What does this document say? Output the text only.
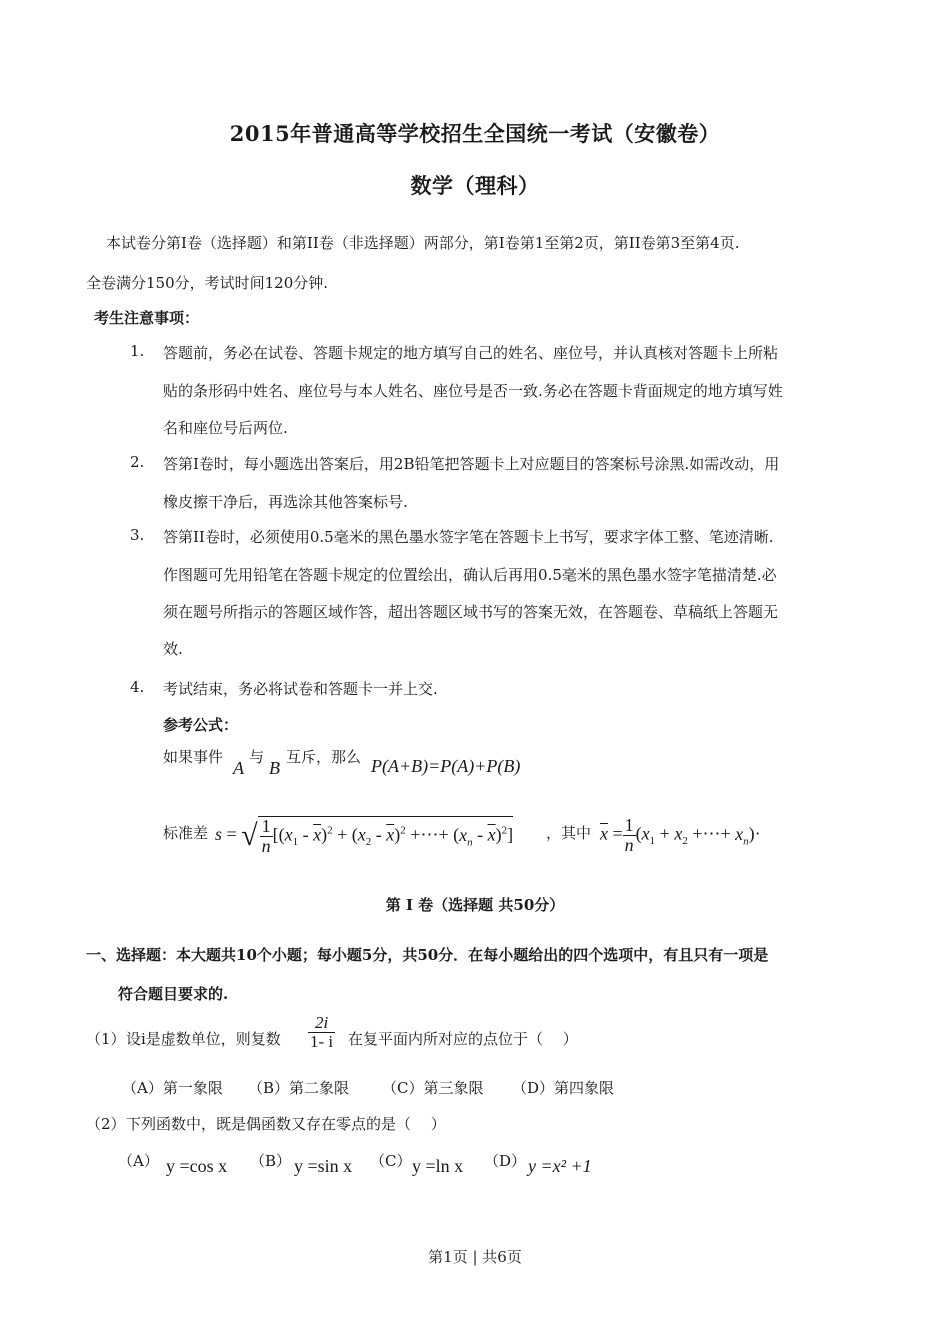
2015年普通高等学校招生全国统一考试（安徽卷）
数学（理科）
本试卷分第I卷（选择题）和第II卷（非选择题）两部分，第I卷第1至第2页，第II卷第3至第4页.
全卷满分150分，考试时间120分钟.
考生注意事项：
1. 答题前，务必在试卷、答题卡规定的地方填写自己的姓名、座位号，并认真核对答题卡上所粘
贴的条形码中姓名、座位号与本人姓名、座位号是否一致.务必在答题卡背面规定的地方填写姓
名和座位号后两位.
2. 答第I卷时，每小题选出答案后，用2B铅笔把答题卡上对应题目的答案标号涂黑.如需改动，用
橡皮擦干净后，再选涂其他答案标号.
3. 答第II卷时，必须使用0.5毫米的黑色墨水签字笔在答题卡上书写，要求字体工整、笔迹清晰.
作图题可先用铅笔在答题卡规定的位置绘出，确认后再用0.5毫米的黑色墨水签字笔描清楚.必
须在题号所指示的答题区域作答，超出答题区域书写的答案无效，在答题卷、草稿纸上答题无
效.
4. 考试结束，务必将试卷和答题卡一并上交.
参考公式：
如果事件
A
与
B
互斥，那么 P(A+B)=P(A)+P(B)
标准差 s = √ $\frac{1}{n} [(x_1 - \overline{x})^2 + (x_2 - \overline{x})^2$ +⋯+ $(x_n - \overline{x})^2$] ，其中 $\overline{x} = \frac{1}{n} (x_1 + x_2$ +⋯+ $x_n)\cdot$
第 I 卷（选择题 共50分）
一、选择题：本大题共10个小题；每小题5分，共50分．在每小题给出的四个选项中，有且只有一项是
符合题目要求的.
（1） 设i是虚数单位，则复数 $\frac{2i}{1- i}$ 在复平面内所对应的点位于（　 ）
（A）第一象限 （B）第二象限 （C）第三象限 （D）第四象限
（2） 下列函数中，既是偶函数又存在零点的是（　 ）
（A） y =cos x （B） y =sin x （C） y =ln x （D） y =x² +1
第1页 | 共6页
